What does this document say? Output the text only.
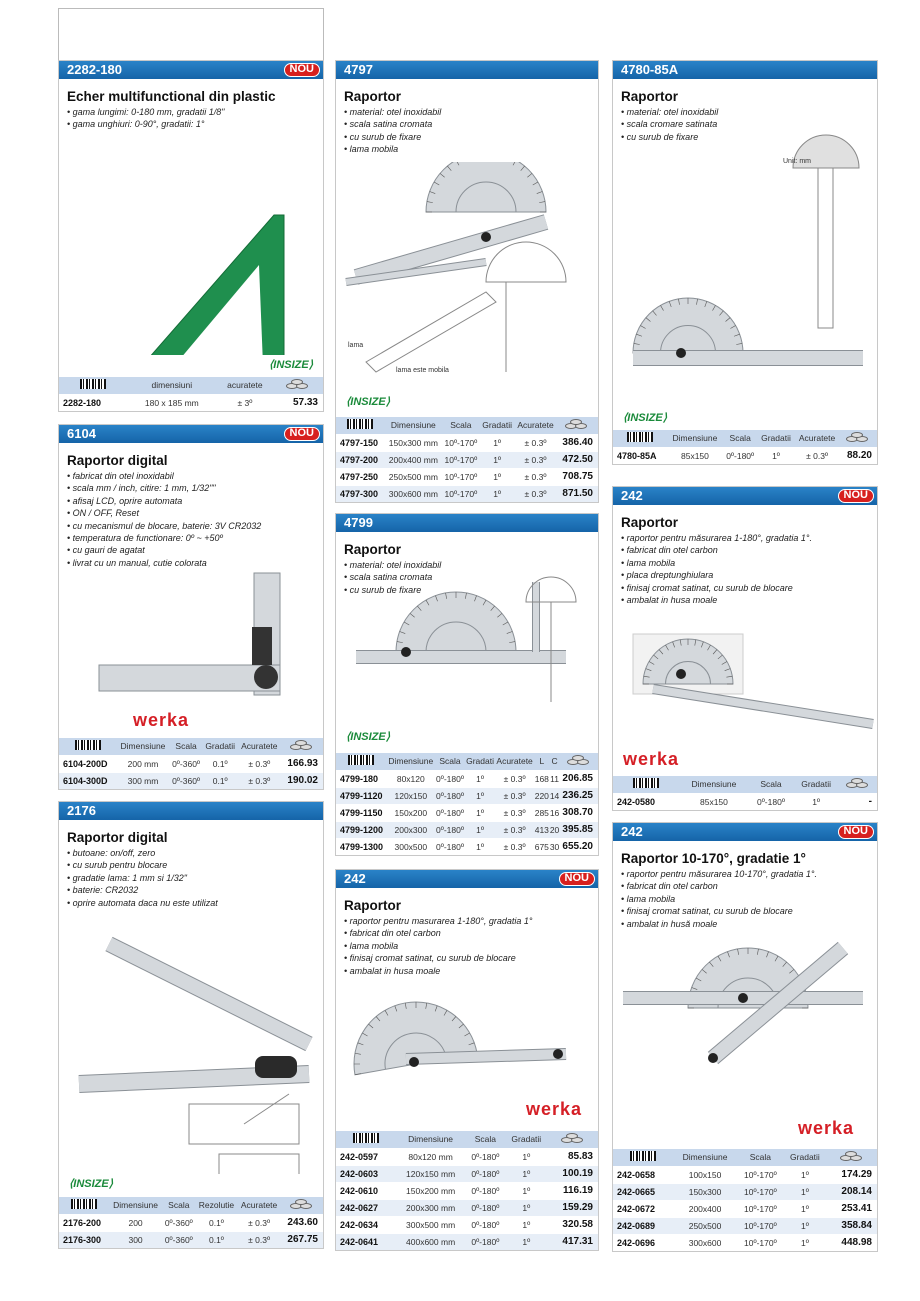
2282-180	NOU
Echer multifunctional din plastic
• gama lungimi: 0-180 mm, gradatii 1/8"
• gama unghiuri: 0-90°, gradatii: 1°
⟨INSIZE⟩
	dimensiuni	acuratete	

2282-180	180 x 185 mm	± 3º	57.33
6104	NOU
Raportor digital
• fabricat din otel inoxidabil
• scala mm / inch, citire: 1 mm, 1/32""
• afisaj LCD, oprire automata
• ON / OFF, Reset
• cu mecanismul de blocare, baterie: 3V CR2032
• temperatura de functionare: 0º ~ +50º
• cu gauri de agatat
• livrat cu un manual, cutie colorata
werka
	Dimensiune	Scala	Gradatii	Acuratete	

6104-200D	200 mm	0º-360º	0.1º	± 0.3º	166.93
6104-300D	300 mm	0º-360º	0.1º	± 0.3º	190.02
2176
Raportor digital
• butoane: on/off, zero
• cu surub pentru blocare
• gradatie lama: 1 mm si 1/32"
• baterie: CR2032
• oprire automata daca nu este utilizat
⟨INSIZE⟩
	Dimensiune	Scala	Rezolutie	Acuratete	

2176-200	200	0º-360º	0.1º	± 0.3º	243.60
2176-300	300	0º-360º	0.1º	± 0.3º	267.75
4797
Raportor
• material: otel inoxidabil
• scala satina cromata
• cu surub de fixare
• lama mobila
lama
lama este mobila
⟨INSIZE⟩
	Dimensiune	Scala	Gradatii	Acuratete	

4797-150	150x300 mm	10º-170º	1º	± 0.3º	386.40
4797-200	200x400 mm	10º-170º	1º	± 0.3º	472.50
4797-250	250x500 mm	10º-170º	1º	± 0.3º	708.75
4797-300	300x600 mm	10º-170º	1º	± 0.3º	871.50
4799
Raportor
• material: otel inoxidabil
• scala satina cromata
• cu surub de fixare
⟨INSIZE⟩
	Dimensiune	Scala	Gradati	Acuratete	L	C	

4799-180	80x120	0º-180º	1º	± 0.3º	168	11	206.85
4799-1120	120x150	0º-180º	1º	± 0.3º	220	14	236.25
4799-1150	150x200	0º-180º	1º	± 0.3º	285	16	308.70
4799-1200	200x300	0º-180º	1º	± 0.3º	413	20	395.85
4799-1300	300x500	0º-180º	1º	± 0.3º	675	30	655.20
242	NOU
Raportor
• raportor pentru masurarea 1-180°, gradatia 1°
• fabricat din otel carbon
• lama mobila
• finisaj cromat satinat, cu surub de blocare
• ambalat in husa moale
werka
	Dimensiune	Scala	Gradatii	

242-0597	80x120 mm	0º-180º	1º	85.83
242-0603	120x150 mm	0º-180º	1º	100.19
242-0610	150x200 mm	0º-180º	1º	116.19
242-0627	200x300 mm	0º-180º	1º	159.29
242-0634	300x500 mm	0º-180º	1º	320.58
242-0641	400x600 mm	0º-180º	1º	417.31
4780-85A
Raportor
• material: otel inoxidabil
• scala cromare satinata
• cu surub de fixare
Unit: mm
⟨INSIZE⟩
	Dimensiune	Scala	Gradatii	Acuratete	

4780-85A	85x150	0º-180º	1º	± 0.3º	88.20
242	NOU
Raportor
• raportor pentru măsurarea 1-180°, gradatia 1°.
• fabricat din otel carbon
• lama mobila
• placa dreptunghiulara
• finisaj cromat satinat, cu surub de blocare
• ambalat in husa moale
werka
	Dimensiune	Scala	Gradatii	

242-0580	85x150	0º-180º	1º	-
242	NOU
Raportor 10-170°, gradatie 1°
• raportor pentru măsurarea 10-170°, gradatia 1°.
• fabricat din otel carbon
• lama mobila
• finisaj cromat satinat, cu surub de blocare
• ambalat in husă moale
werka
	Dimensiune	Scala	Gradatii	

242-0658	100x150	10º-170º	1º	174.29
242-0665	150x300	10º-170º	1º	208.14
242-0672	200x400	10º-170º	1º	253.41
242-0689	250x500	10º-170º	1º	358.84
242-0696	300x600	10º-170º	1º	448.98
